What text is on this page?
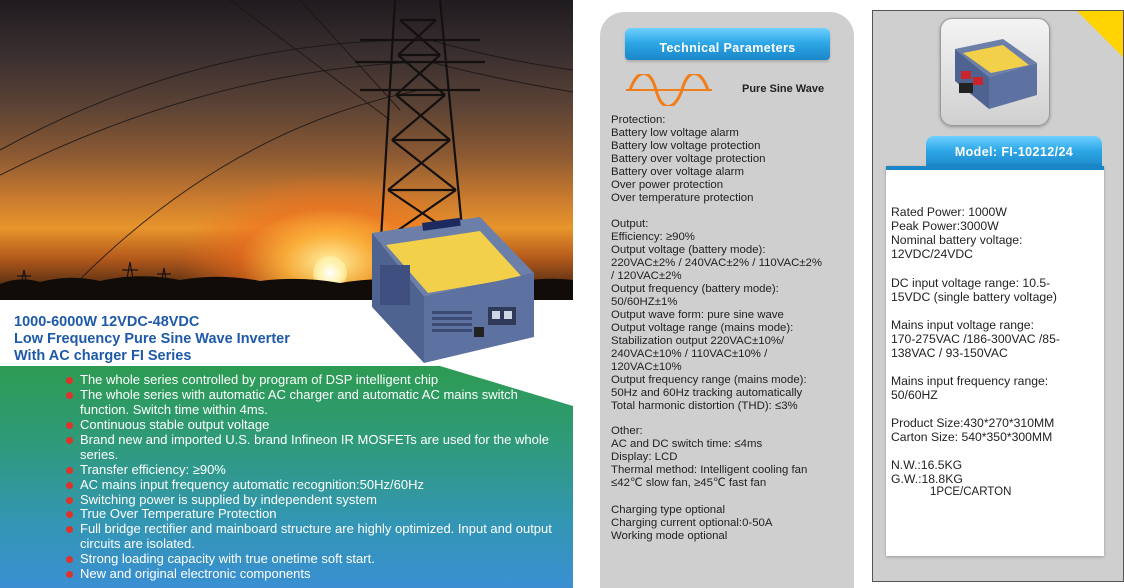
1000-6000W 12VDC-48VDC
Low Frequency Pure Sine Wave Inverter
With AC charger FI Series
The whole series controlled by program of DSP intelligent chip
The whole series with automatic AC charger and automatic AC mains switch function. Switch time within 4ms.
Continuous stable output voltage
Brand new and imported U.S. brand Infineon IR MOSFETs are used for the whole series.
Transfer efficiency: ≥90%
AC mains input frequency automatic recognition:50Hz/60Hz
Switching power is supplied by independent system
True Over Temperature Protection
Full bridge rectifier and mainboard structure are highly optimized. Input and output circuits are isolated.
Strong loading capacity with true onetime soft start.
New and original electronic components
Technical Parameters
Pure Sine Wave
Protection:
Battery low voltage alarm
Battery low voltage protection
Battery over voltage protection
Battery over voltage alarm
Over power protection
Over temperature protection
Output:
Efficiency: ≥90%
Output voltage (battery mode):
220VAC±2% / 240VAC±2% / 110VAC±2%
/ 120VAC±2%
Output frequency (battery mode):
50/60HZ±1%
Output wave form: pure sine wave
Output voltage range (mains mode):
Stabilization output 220VAC±10%/
240VAC±10% / 110VAC±10% /
120VAC±10%
Output frequency range (mains mode):
50Hz and 60Hz tracking automatically
Total harmonic distortion (THD): ≤3%
Other:
AC and DC switch time: ≤4ms
Display: LCD
Thermal method: Intelligent cooling fan
≤42℃ slow fan, ≥45℃ fast fan
Charging type optional
Charging current optional:0-50A
Working mode optional
Model: FI-10212/24
Rated Power: 1000W
Peak Power:3000W
Nominal battery voltage:
12VDC/24VDC
DC input voltage range: 10.5-
15VDC (single battery voltage)
Mains input voltage range:
170-275VAC /186-300VAC /85-
138VAC / 93-150VAC
Mains input frequency range:
50/60HZ
Product Size:430*270*310MM
Carton Size: 540*350*300MM
N.W.:16.5KG
G.W.:18.8KG
1PCE/CARTON
